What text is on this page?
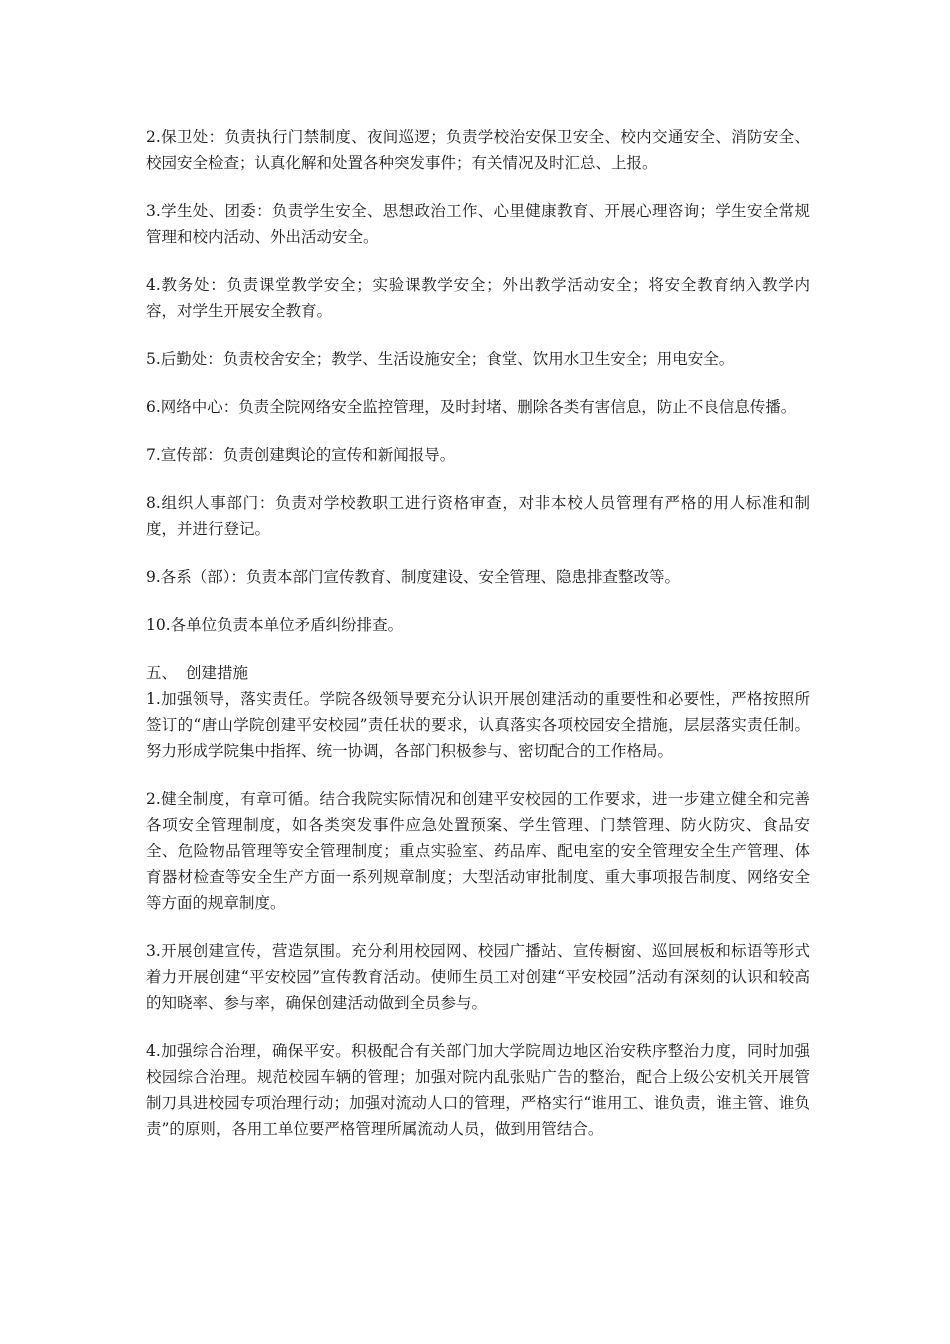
2.保卫处：负责执行门禁制度、夜间巡逻；负责学校治安保卫安全、校内交通安全、消防安全、校园安全检查；认真化解和处置各种突发事件；有关情况及时汇总、上报。

3.学生处、团委：负责学生安全、思想政治工作、心里健康教育、开展心理咨询；学生安全常规管理和校内活动、外出活动安全。

4.教务处：负责课堂教学安全；实验课教学安全；外出教学活动安全；将安全教育纳入教学内容，对学生开展安全教育。

5.后勤处：负责校舍安全；教学、生活设施安全；食堂、饮用水卫生安全；用电安全。

6.网络中心：负责全院网络安全监控管理，及时封堵、删除各类有害信息，防止不良信息传播。

7.宣传部：负责创建舆论的宣传和新闻报导。

8.组织人事部门：负责对学校教职工进行资格审查，对非本校人员管理有严格的用人标准和制度，并进行登记。

9.各系（部）：负责本部门宣传教育、制度建设、安全管理、隐患排查整改等。

10.各单位负责本单位矛盾纠纷排查。

五、 创建措施

1.加强领导，落实责任。学院各级领导要充分认识开展创建活动的重要性和必要性，严格按照所签订的“唐山学院创建平安校园”责任状的要求，认真落实各项校园安全措施，层层落实责任制。努力形成学院集中指挥、统一协调，各部门积极参与、密切配合的工作格局。

2.健全制度，有章可循。结合我院实际情况和创建平安校园的工作要求，进一步建立健全和完善各项安全管理制度，如各类突发事件应急处置预案、学生管理、门禁管理、防火防灾、食品安全、危险物品管理等安全管理制度；重点实验室、药品库、配电室的安全管理安全生产管理、体育器材检查等安全生产方面一系列规章制度；大型活动审批制度、重大事项报告制度、网络安全等方面的规章制度。

3.开展创建宣传，营造氛围。充分利用校园网、校园广播站、宣传橱窗、巡回展板和标语等形式着力开展创建“平安校园”宣传教育活动。使师生员工对创建“平安校园”活动有深刻的认识和较高的知晓率、参与率，确保创建活动做到全员参与。

4.加强综合治理，确保平安。积极配合有关部门加大学院周边地区治安秩序整治力度，同时加强校园综合治理。规范校园车辆的管理；加强对院内乱张贴广告的整治，配合上级公安机关开展管制刀具进校园专项治理行动；加强对流动人口的管理，严格实行“谁用工、谁负责，谁主管、谁负责”的原则，各用工单位要严格管理所属流动人员，做到用管结合。
